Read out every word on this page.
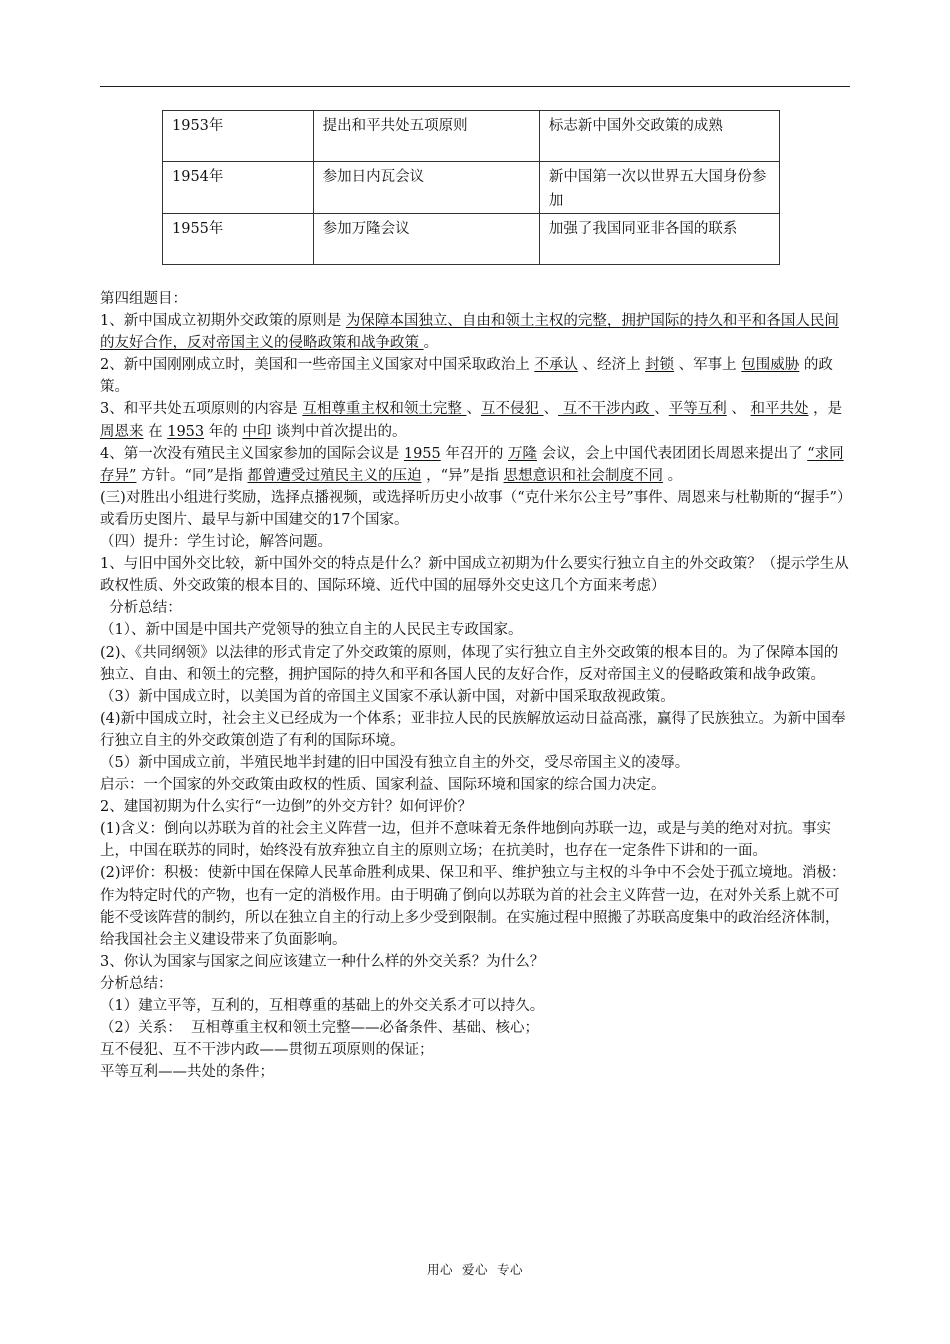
1953年	提出和平共处五项原则	标志新中国外交政策的成熟
1954年	参加日内瓦会议	新中国第一次以世界五大国身份参加
1955年	参加万隆会议	加强了我国同亚非各国的联系

第四组题目：

1、新中国成立初期外交政策的原则是 为保障本国独立、自由和领土主权的完整，拥护国际的持久和平和各国人民间的友好合作，反对帝国主义的侵略政策和战争政策 。

2、新中国刚刚成立时，美国和一些帝国主义国家对中国采取政治上 不承认 、经济上 封锁 、军事上 包围威胁 的政策。

3、和平共处五项原则的内容是 互相尊重主权和领土完整 、互不侵犯 、 互不干涉内政 、平等互利 、 和平共处 ，是 周恩来 在 1953 年的 中印 谈判中首次提出的。

4、第一次没有殖民主义国家参加的国际会议是 1955 年召开的 万隆 会议，会上中国代表团团长周恩来提出了 “求同存异” 方针。“同”是指 都曾遭受过殖民主义的压迫 ，“异”是指 思想意识和社会制度不同 。

(三)对胜出小组进行奖励，选择点播视频，或选择听历史小故事（“克什米尔公主号”事件、周恩来与杜勒斯的“握手”）或看历史图片、最早与新中国建交的17个国家。

（四）提升：学生讨论，解答问题。

1、与旧中国外交比较，新中国外交的特点是什么？新中国成立初期为什么要实行独立自主的外交政策？（提示学生从政权性质、外交政策的根本目的、国际环境、近代中国的屈辱外交史这几个方面来考虑）

分析总结：

（1）、新中国是中国共产党领导的独立自主的人民民主专政国家。

(2)、《共同纲领》以法律的形式肯定了外交政策的原则，体现了实行独立自主外交政策的根本目的。为了保障本国的独立、自由、和领土的完整，拥护国际的持久和平和各国人民的友好合作，反对帝国主义的侵略政策和战争政策。

（3）新中国成立时，以美国为首的帝国主义国家不承认新中国，对新中国采取敌视政策。

(4)新中国成立时，社会主义已经成为一个体系；亚非拉人民的民族解放运动日益高涨，赢得了民族独立。为新中国奉行独立自主的外交政策创造了有利的国际环境。

（5）新中国成立前，半殖民地半封建的旧中国没有独立自主的外交，受尽帝国主义的凌辱。

启示：一个国家的外交政策由政权的性质、国家利益、国际环境和国家的综合国力决定。

2、建国初期为什么实行“一边倒”的外交方针？如何评价？

(1)含义：倒向以苏联为首的社会主义阵营一边，但并不意味着无条件地倒向苏联一边，或是与美的绝对对抗。事实上，中国在联苏的同时，始终没有放弃独立自主的原则立场；在抗美时，也存在一定条件下讲和的一面。

(2)评价：积极：使新中国在保障人民革命胜利成果、保卫和平、维护独立与主权的斗争中不会处于孤立境地。消极：作为特定时代的产物，也有一定的消极作用。由于明确了倒向以苏联为首的社会主义阵营一边，在对外关系上就不可能不受该阵营的制约，所以在独立自主的行动上多少受到限制。在实施过程中照搬了苏联高度集中的政治经济体制，给我国社会主义建设带来了负面影响。

3、你认为国家与国家之间应该建立一种什么样的外交关系？为什么？

分析总结：

（1）建立平等，互利的，互相尊重的基础上的外交关系才可以持久。

（2）关系：  互相尊重主权和领土完整——必备条件、基础、核心；

互不侵犯、互不干涉内政——贯彻五项原则的保证；

平等互利——共处的条件；

用心  爱心  专心
